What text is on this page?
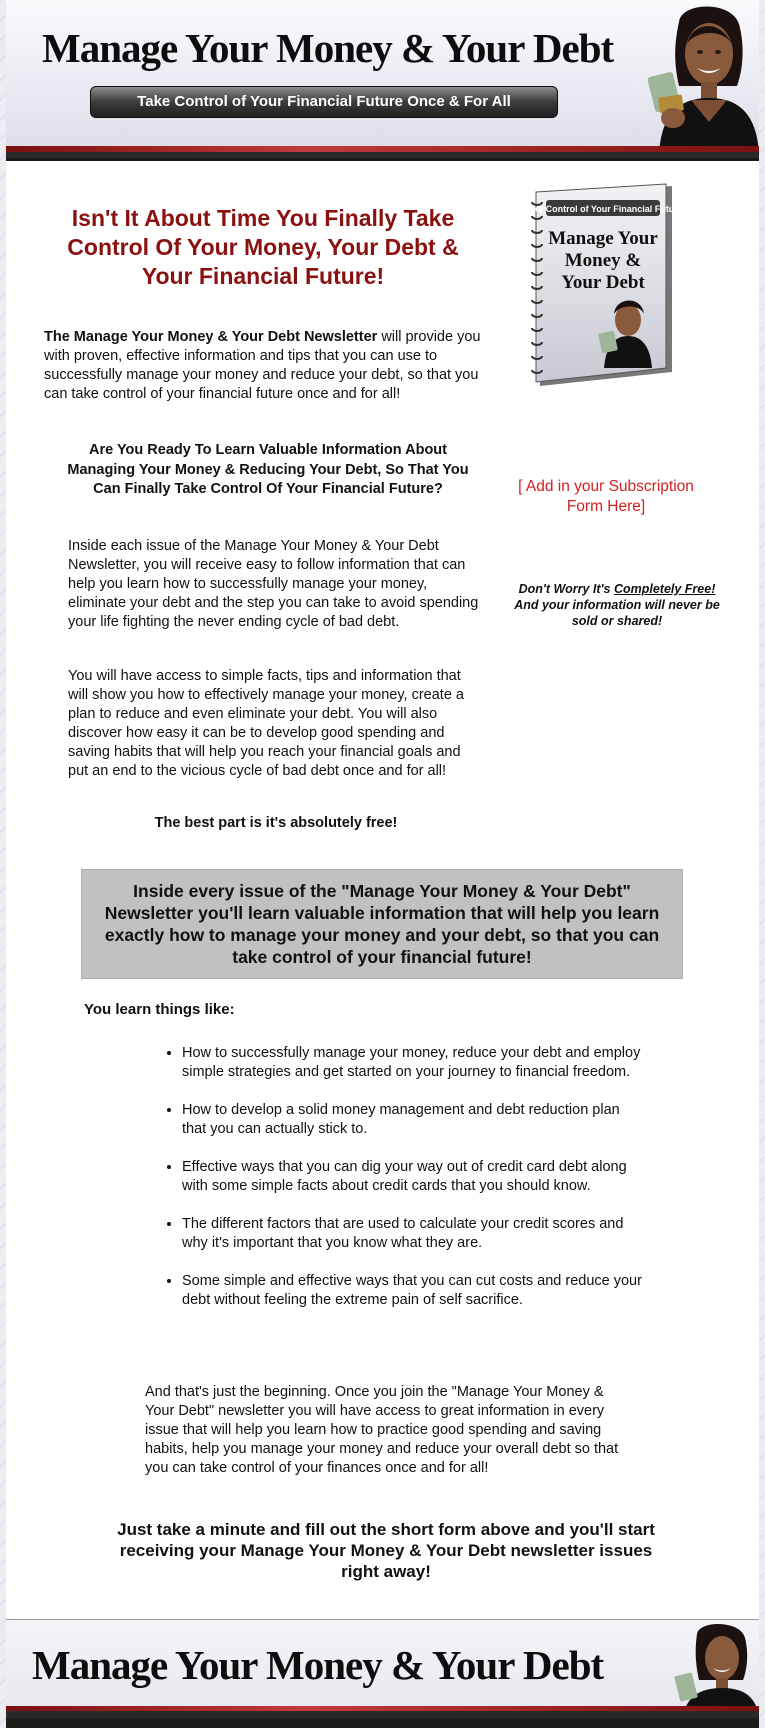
Manage Your Money & Your Debt
Take Control of Your Financial Future Once & For All
Isn't It About Time You Finally Take Control Of Your Money, Your Debt & Your Financial Future!
The Manage Your Money & Your Debt Newsletter will provide you with proven, effective information and tips that you can use to successfully manage your money and reduce your debt, so that you can take control of your financial future once and for all!
Are You Ready To Learn Valuable Information About Managing Your Money & Reducing Your Debt, So That You Can Finally Take Control Of Your Financial Future?
Inside each issue of the Manage Your Money & Your Debt Newsletter, you will receive easy to follow information that can help you learn how to successfully manage your money, eliminate your debt and the step you can take to avoid spending your life fighting the never ending cycle of bad debt.
You will have access to simple facts, tips and information that will show you how to effectively manage your money, create a plan to reduce and even eliminate your debt. You will also discover how easy it can be to develop good spending and saving habits that will help you reach your financial goals and put an end to the vicious cycle of bad debt once and for all!
The best part is it's absolutely free!
Take Control of Your Financial Future
Manage Your
Money &
Your Debt
[ Add in your Subscription Form Here]
Don't Worry It's Completely Free!
And your information will never be sold or shared!
Inside every issue of the "Manage Your Money & Your Debt" Newsletter you'll learn valuable information that will help you learn exactly how to manage your money and your debt, so that you can take control of your financial future!
You learn things like:
• How to successfully manage your money, reduce your debt and employ simple strategies and get started on your journey to financial freedom.
• How to develop a solid money management and debt reduction plan that you can actually stick to.
• Effective ways that you can dig your way out of credit card debt along with some simple facts about credit cards that you should know.
• The different factors that are used to calculate your credit scores and why it's important that you know what they are.
• Some simple and effective ways that you can cut costs and reduce your debt without feeling the extreme pain of self sacrifice.
And that's just the beginning. Once you join the "Manage Your Money & Your Debt" newsletter you will have access to great information in every issue that will help you learn how to practice good spending and saving habits, help you manage your money and reduce your overall debt so that you can take control of your finances once and for all!
Just take a minute and fill out the short form above and you'll start receiving your Manage Your Money & Your Debt newsletter issues right away!
Manage Your Money & Your Debt
